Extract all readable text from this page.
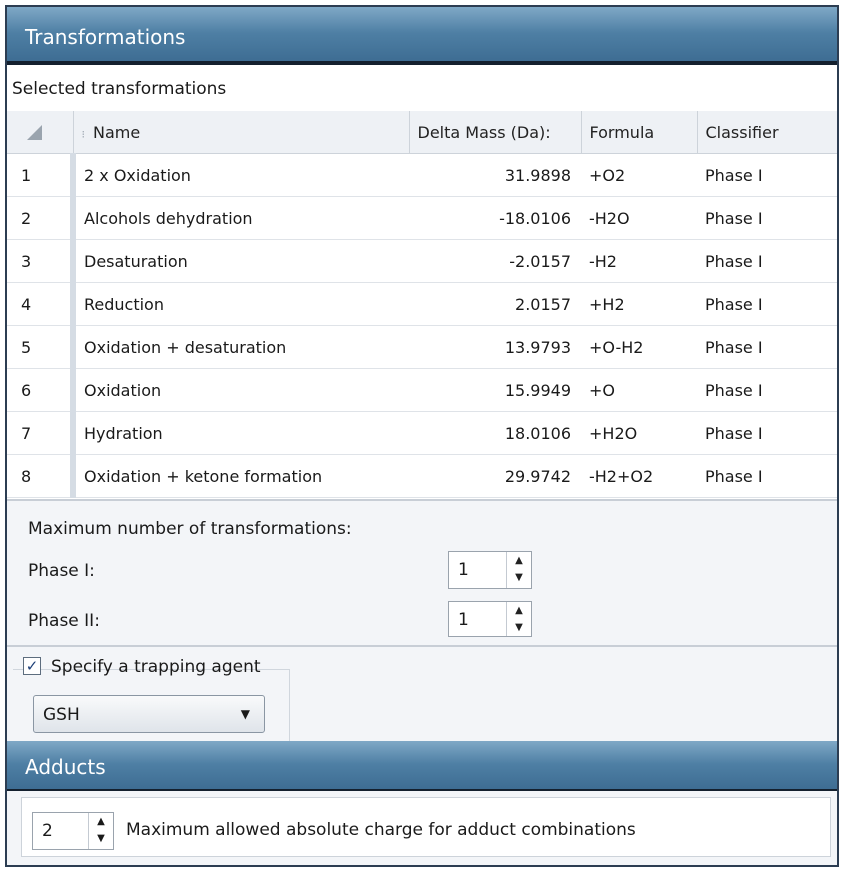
Transformations
Selected transformations
	⁝ Name	Delta Mass (Da):	Formula	Classifier
1	2 x Oxidation	31.9898	+O2	Phase I
2	Alcohols dehydration	-18.0106	-H2O	Phase I
3	Desaturation	-2.0157	-H2	Phase I
4	Reduction	2.0157	+H2	Phase I
5	Oxidation + desaturation	13.9793	+O-H2	Phase I
6	Oxidation	15.9949	+O	Phase I
7	Hydration	18.0106	+H2O	Phase I
8	Oxidation + ketone formation	29.9742	-H2+O2	Phase I
Maximum number of transformations:
Phase I:	1	▲
▼
Phase II:	1	▲
▼
✓ Specify a trapping agent
GSH	▼
Adducts
2	▲
▼	Maximum allowed absolute charge for adduct combinations
